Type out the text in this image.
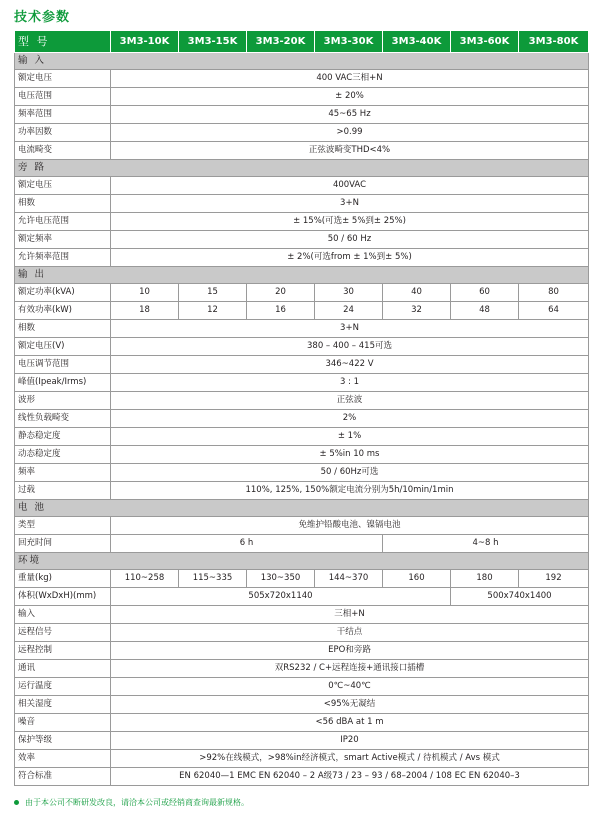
技术参数
型 号	3M3-10K	3M3-15K	3M3-20K	3M3-30K	3M3-40K	3M3-60K	3M3-80K
输 入							
额定电压	400 VAC三相+N						
电压范围	± 20%						
频率范围	45~65 Hz						
功率因数	>0.99						
电流畸变	正弦波畸变THD<4%						
旁 路							
额定电压	400VAC						
相数	3+N						
允许电压范围	± 15%(可选± 5%到± 25%)						
额定频率	50 / 60 Hz						
允许频率范围	± 2%(可选from ± 1%到± 5%)						
输 出							
额定功率(kVA)	10	15	20	30	40	60	80
有效功率(kW)	18	12	16	24	32	48	64
相数	3+N						
额定电压(V)	380 – 400 – 415可选						
电压调节范围	346~422 V						
峰值(Ipeak/Irms)	3 : 1						
波形	正弦波						
线性负载畸变	2%						
静态稳定度	± 1%						
动态稳定度	± 5%in 10 ms						
频率	50 / 60Hz可选						
过载	110%, 125%, 150%额定电流分别为5h/10min/1min						
电 池							
类型	免维护铅酸电池、镍镉电池						
回充时间	6 h				4~8 h		
环境							
重量(kg)	110~258	115~335	130~350	144~370	160	180	192
体积(WxDxH)(mm)	505x720x1140					500x740x1400	
输入	三相+N						
远程信号	干结点						
远程控制	EPO和旁路						
通讯	双RS232 / C+远程连接+通讯接口插槽						
运行温度	0℃~40℃						
相关湿度	<95%无凝结						
噪音	<56 dBA at 1 m						
保护等级	IP20						
效率	>92%在线模式，>98%in经济模式，smart Active模式 / 待机模式 / Avs 模式						
符合标准	EN 62040—1 EMC EN 62040 – 2 A级73 / 23 – 93 / 68–2004 / 108 EC EN 62040–3						
由于本公司不断研发改良，请洽本公司或经销商查询最新规格。
